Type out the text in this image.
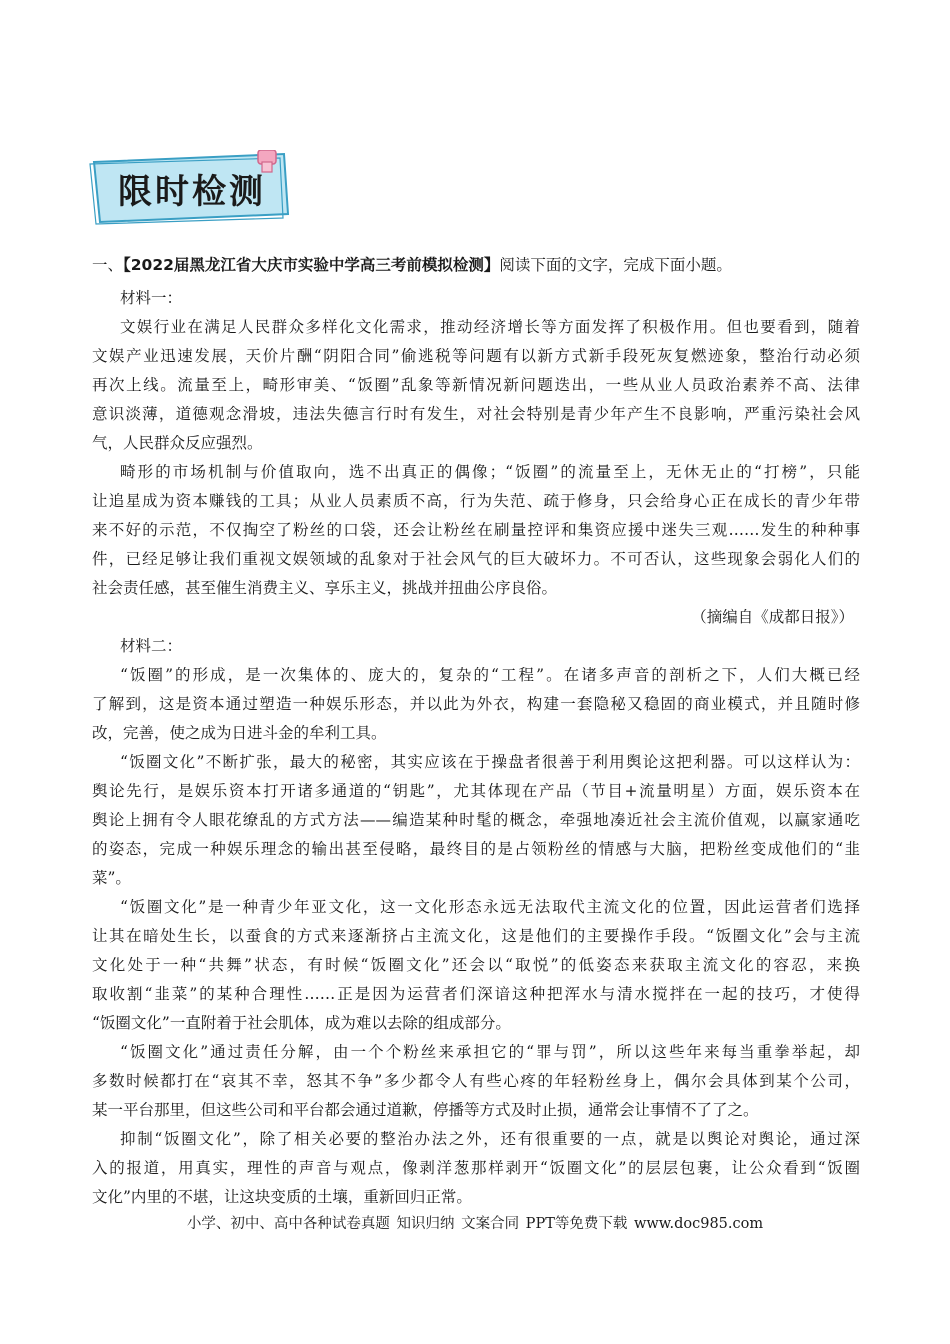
限时检测
一、【2022届黑龙江省大庆市实验中学高三考前模拟检测】阅读下面的文字，完成下面小题。
材料一：
文娱行业在满足人民群众多样化文化需求，推动经济增长等方面发挥了积极作用。但也要看到，随着
文娱产业迅速发展，天价片酬“阴阳合同”偷逃税等问题有以新方式新手段死灰复燃迹象，整治行动必须
再次上线。流量至上，畸形审美、“饭圈”乱象等新情况新问题迭出，一些从业人员政治素养不高、法律
意识淡薄，道德观念滑坡，违法失德言行时有发生，对社会特别是青少年产生不良影响，严重污染社会风
气，人民群众反应强烈。
畸形的市场机制与价值取向，选不出真正的偶像；“饭圈”的流量至上，无休无止的“打榜”，只能
让追星成为资本赚钱的工具；从业人员素质不高，行为失范、疏于修身，只会给身心正在成长的青少年带
来不好的示范，不仅掏空了粉丝的口袋，还会让粉丝在刷量控评和集资应援中迷失三观……发生的种种事
件，已经足够让我们重视文娱领域的乱象对于社会风气的巨大破坏力。不可否认，这些现象会弱化人们的
社会责任感，甚至催生消费主义、享乐主义，挑战并扭曲公序良俗。
（摘编自《成都日报》）
材料二：
“饭圈”的形成，是一次集体的、庞大的，复杂的“工程”。在诸多声音的剖析之下，人们大概已经
了解到，这是资本通过塑造一种娱乐形态，并以此为外衣，构建一套隐秘又稳固的商业模式，并且随时修
改，完善，使之成为日进斗金的牟利工具。
“饭圈文化”不断扩张，最大的秘密，其实应该在于操盘者很善于利用舆论这把利器。可以这样认为：
舆论先行，是娱乐资本打开诸多通道的“钥匙”，尤其体现在产品（节目+流量明星）方面，娱乐资本在
舆论上拥有令人眼花缭乱的方式方法——编造某种时髦的概念，牵强地凑近社会主流价值观，以赢家通吃
的姿态，完成一种娱乐理念的输出甚至侵略，最终目的是占领粉丝的情感与大脑，把粉丝变成他们的“韭
菜”。
“饭圈文化”是一种青少年亚文化，这一文化形态永远无法取代主流文化的位置，因此运营者们选择
让其在暗处生长，以蚕食的方式来逐渐挤占主流文化，这是他们的主要操作手段。“饭圈文化”会与主流
文化处于一种“共舞”状态，有时候“饭圈文化”还会以“取悦”的低姿态来获取主流文化的容忍，来换
取收割“韭菜”的某种合理性……正是因为运营者们深谙这种把浑水与清水搅拌在一起的技巧，才使得
“饭圈文化”一直附着于社会肌体，成为难以去除的组成部分。
“饭圈文化”通过责任分解，由一个个粉丝来承担它的“罪与罚”，所以这些年来每当重拳举起，却
多数时候都打在“哀其不幸，怒其不争”多少都令人有些心疼的年轻粉丝身上，偶尔会具体到某个公司，
某一平台那里，但这些公司和平台都会通过道歉，停播等方式及时止损，通常会让事情不了了之。
抑制“饭圈文化”，除了相关必要的整治办法之外，还有很重要的一点，就是以舆论对舆论，通过深
入的报道，用真实，理性的声音与观点，像剥洋葱那样剥开“饭圈文化”的层层包裹，让公众看到“饭圈
文化”内里的不堪，让这块变质的土壤，重新回归正常。
小学、初中、高中各种试卷真题 知识归纳 文案合同 PPT等免费下载 www.doc985.com
